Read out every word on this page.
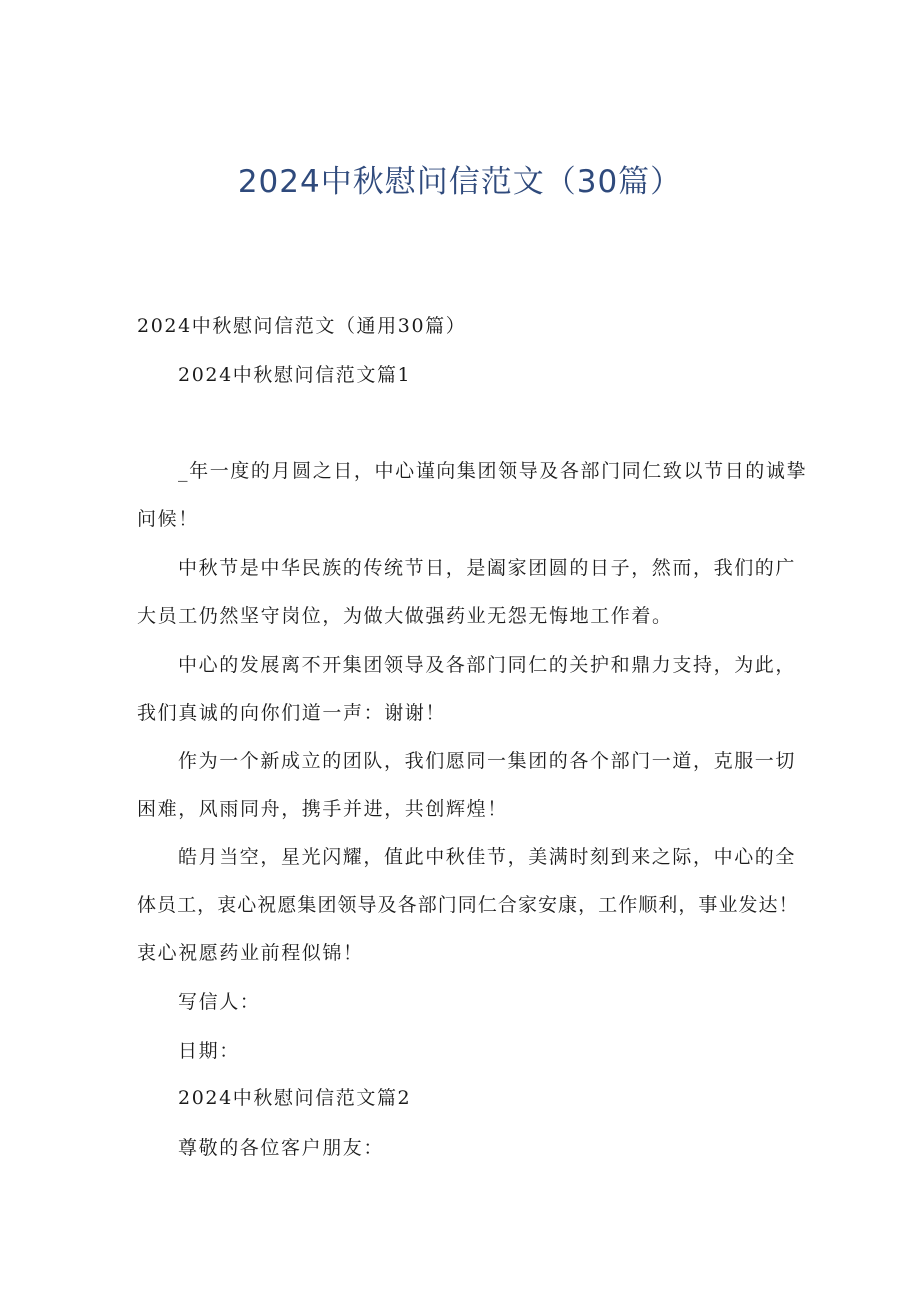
2024中秋慰问信范文（30篇）

2024中秋慰问信范文（通用30篇）

2024中秋慰问信范文篇1

_年一度的月圆之日，中心谨向集团领导及各部门同仁致以节日的诚挚

问候！

中秋节是中华民族的传统节日，是阖家团圆的日子，然而，我们的广

大员工仍然坚守岗位，为做大做强药业无怨无悔地工作着。

中心的发展离不开集团领导及各部门同仁的关护和鼎力支持，为此，

我们真诚的向你们道一声：谢谢！

作为一个新成立的团队，我们愿同一集团的各个部门一道，克服一切

困难，风雨同舟，携手并进，共创辉煌！

皓月当空，星光闪耀，值此中秋佳节，美满时刻到来之际，中心的全

体员工，衷心祝愿集团领导及各部门同仁合家安康，工作顺利，事业发达！

衷心祝愿药业前程似锦！

写信人：

日期：

2024中秋慰问信范文篇2

尊敬的各位客户朋友：
